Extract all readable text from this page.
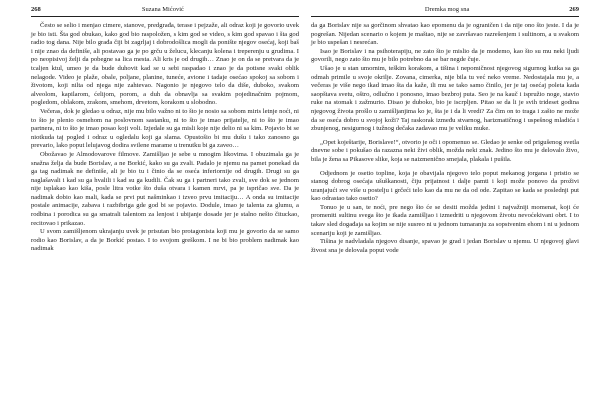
268	Suzana Mićović

Često se selio i menjao cimere, stanove, predgrađa, terase i pejzaže, ali odraz koji je govorio uvek je bio isti. Šta god obukao, kako god bio raspoložen, s kim god se video, s kim god spavao i šta god radio tog dana. Nije bilo građa čiji bi zagrljaj i dobrodošlica mogli da ponište njegov osećaj, koji baš i nije znao da definiše, ali postavao ga je po grču u želucu, klecanju kolena i treperenju u grudima. I po neopisivoj želji da pobegne sa lica mesta. Ali kris je od drugih… Znao je on da se pretvara da je tcaljen ktul, umeo je da bude duhovit kad se u sebi raspadao i znao je da potisne svaki oblik nelagode. Video je plaže, obale, poljane, planine, tuneće, avione i tadaje osećao spokoj sa sobom i životom, koji nilta od njega nije zahtevao. Nagonio je njegovo telo da diše, duboko, svakom alveolom, kapilarom, ćelijom, porom, a duh da obnavlja sa svakim pojedinačnim pojmom, pogledom, oblakom, zrakom, smehom, drvetom, korakom u slobodno.

Večeras, dok je gledao u odraz, nije mu bilo važno ni to što je nosio sa sobom miris letnje noći, ni to što je plenio osmehom na poslovnom sastanku, ni to što je imao prijatelje, ni to što je imao partnera, ni to što je imao posao koji voli. Izjedale su ga misli koje nije delio ni sa kim. Pojavio bi se niotkuda taj pogled i odraz u ogledalu koji ga slama. Opustošio bi mu dušu i tako zanosno ga prevario, lako poput lelujavog dodira svilene marame u trenutku bi ga zaveo…

Obožavao je Almodovarove filmove. Zamišljao je sebe u mnogim likovima. I obuzimala ga je snažna želja da bude Borislav, a ne Borkić, kako su ga zvali. Padalo je njemu na pamet ponekad da ga tag nadimak ne definiše, ali je bio tu i činio da se oseća inferiornije od drugih. Drugi su ga naglašavali i kad su ga hvalili i kad su ga kudili. Čak su ga i partneri tako zvali, sve dok se jednom nije isplakao kao kiša, posle litra votke što duša otvara i kamen mrvi, pa je ispričao sve. Da je nadimak dobio kao mali, kada se prvi put našminkao i izveo prvu imitaciju… A onda su imitacije postale animacije, zabava i razbibriga gde god bi se pojavio. Dodule, imao je talenta za glumu, a rodbina i porodica su ga smatrali talentom za lenjost i ubijanje dosade jer je stalno nešto čituckao, recitovao i prikazao.

U svom zamišljenom ukrajanju uvek je prisutan bio protagonista koji mu je govorio da se samo rodio kao Borislav, a da je Borkić postao. I to svojom greškom. I ne bi bio problem nadimak kao nadimak

Dremka mog sna	269

da ga Borislav nije sa gorčinom shvatao kao epomenu da je ograničen i da nije ono što jeste. I da je pogrešan. Nijedan scenario o kojem je maštao, nije se završavao razrešenjem i sultinom, a u svakom je bio uspešan i nesrećan.

Isao je Borislav i na psihoterapiju, ne zato što je mislio da je modemo, kao što su mu neki ljudi govorili, nego zato što mu je bilo potrebno da se bar negde čuje.

Ušao je u stan umornim, teškim korakom, a tišina i nepomičnost njegovog sigurnog kutka sa ga odmah primile u svoje okrilje. Zovana, cimerka, nije bila tu već neko vreme. Nedostajala mu je, a večeras je više nego ikad imao šta da kaže, ili mu se tako samo činilo, jer je taj osećaj poleta kada saopštava svetu, oštro, odlučno i ponosno, imao bezbroj puta. Seo je na kauč i ispružio noge, stavio ruke na stomak i zažmurio. Disao je duboko, bio je iscrpljen. Pitao se da li je svih trideset godina njegovog života prošlo u zamišljanjima ko je, šta je i da li vredi? Za čim on to traga i zašto ne može da se oseća dobro u svojoj koži? Taj raskorak između stvarnog, harizmatičnog i uspešnog mladića i zbunjenog, nesigurnog i tužnog dečaka zadavao mu je veliku muke.

„Opet koještarije, Borislave!“, otvorio je oči i opomenuo se. Gledao je senke od prigušenog svetla dnevne sobe i pokušao da razazna neki živi oblik, možda neki znak. Jedino što mu je delovalo živo, bila je žena sa Pikasove slike, koja se naizmenično smejala, plakala i pušila.

Odjednom je osetio topline, koja je obavijala njegovo telo poput mekanog jorgana i pristio se stanog dobrog osećaja ušuškanosti, čiju prijatnost i dalje pamti i koji može ponovo da proživi uranjajući sve više u postelju i grčeći telo kao da mu ne da od ode. Zapitao se kada se poslednji put kao odrastao tako osetio?

Tonuo je u san, te noći, pre nego što će se desiti možda jedini i najvažniji momenat, koji će promeniti sultinu svega što je ikada zamišljao i izmedriti u njegovom životu nevoćekivani obrt. I to takav sled događaja sa kojim se nije susreo ni u jednom tumaranju za sopstvenim ehom i ni u jednom scenariju koji je zamišljao.

Tišina je nadvladala njegovo disanje, spavao je grad i jedan Borislav u njemu. U njegovoj glavi živost sna je delovala poput vode
